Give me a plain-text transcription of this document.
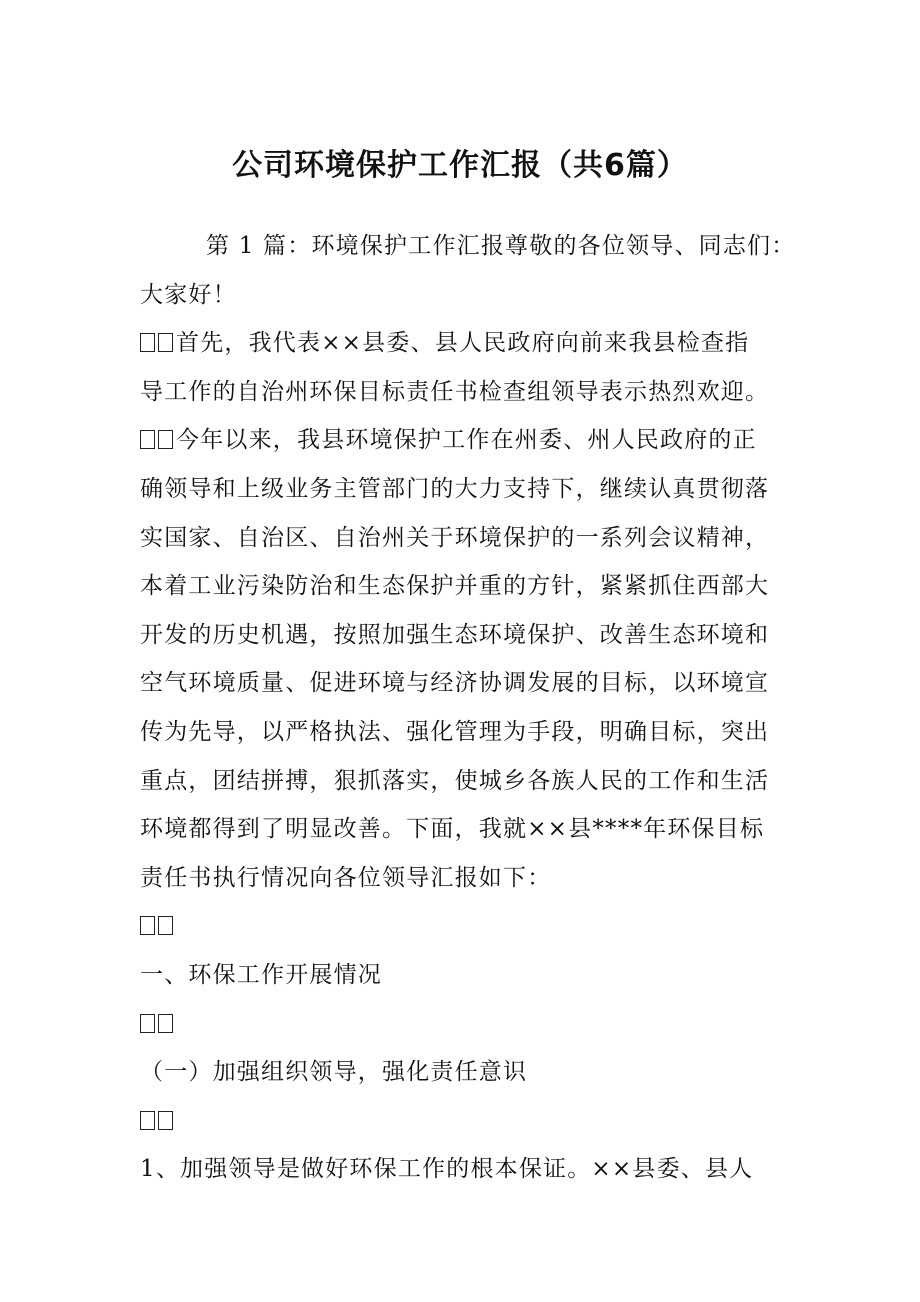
公司环境保护工作汇报（共6篇）

第 1 篇：环境保护工作汇报尊敬的各位领导、同志们：

大家好！

首先，我代表××县委、县人民政府向前来我县检查指

导工作的自治州环保目标责任书检查组领导表示热烈欢迎。

今年以来，我县环境保护工作在州委、州人民政府的正

确领导和上级业务主管部门的大力支持下，继续认真贯彻落

实国家、自治区、自治州关于环境保护的一系列会议精神，

本着工业污染防治和生态保护并重的方针，紧紧抓住西部大

开发的历史机遇，按照加强生态环境保护、改善生态环境和

空气环境质量、促进环境与经济协调发展的目标，以环境宣

传为先导，以严格执法、强化管理为手段，明确目标，突出

重点，团结拼搏，狠抓落实，使城乡各族人民的工作和生活

环境都得到了明显改善。下面，我就××县****年环保目标

责任书执行情况向各位领导汇报如下：

一、环保工作开展情况

（一）加强组织领导，强化责任意识

1、加强领导是做好环保工作的根本保证。××县委、县人
